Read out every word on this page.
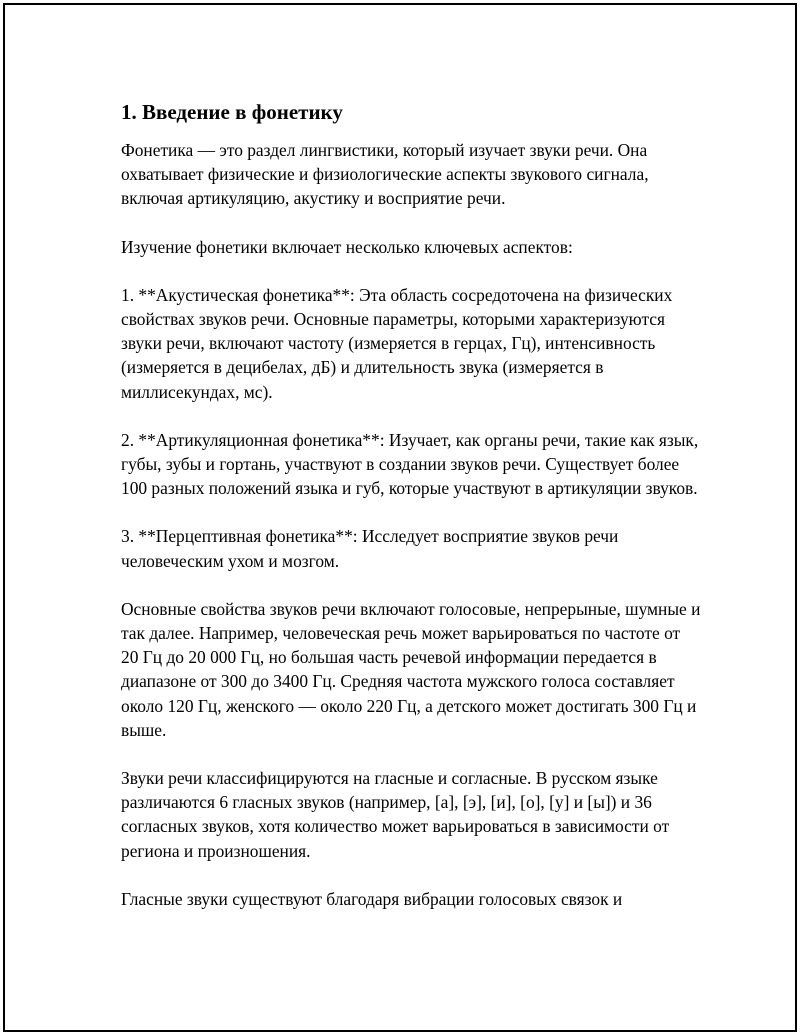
1. Введение в фонетику

Фонетика — это раздел лингвистики, который изучает звуки речи. Она охватывает физические и физиологические аспекты звукового сигнала, включая артикуляцию, акустику и восприятие речи.

Изучение фонетики включает несколько ключевых аспектов:

1. **Акустическая фонетика**: Эта область сосредоточена на физических свойствах звуков речи. Основные параметры, которыми характеризуются звуки речи, включают частоту (измеряется в герцах, Гц), интенсивность (измеряется в децибелах, дБ) и длительность звука (измеряется в миллисекундах, мс).

2. **Артикуляционная фонетика**: Изучает, как органы речи, такие как язык, губы, зубы и гортань, участвуют в создании звуков речи. Существует более 100 разных положений языка и губ, которые участвуют в артикуляции звуков.

3. **Перцептивная фонетика**: Исследует восприятие звуков речи человеческим ухом и мозгом.

Основные свойства звуков речи включают голосовые, непрерыные, шумные и так далее. Например, человеческая речь может варьироваться по частоте от 20 Гц до 20 000 Гц, но большая часть речевой информации передается в диапазоне от 300 до 3400 Гц. Средняя частота мужского голоса составляет около 120 Гц, женского — около 220 Гц, а детского может достигать 300 Гц и выше.

Звуки речи классифицируются на гласные и согласные. В русском языке различаются 6 гласных звуков (например, [а], [э], [и], [о], [у] и [ы]) и 36 согласных звуков, хотя количество может варьироваться в зависимости от региона и произношения.

Гласные звуки существуют благодаря вибрации голосовых связок и
